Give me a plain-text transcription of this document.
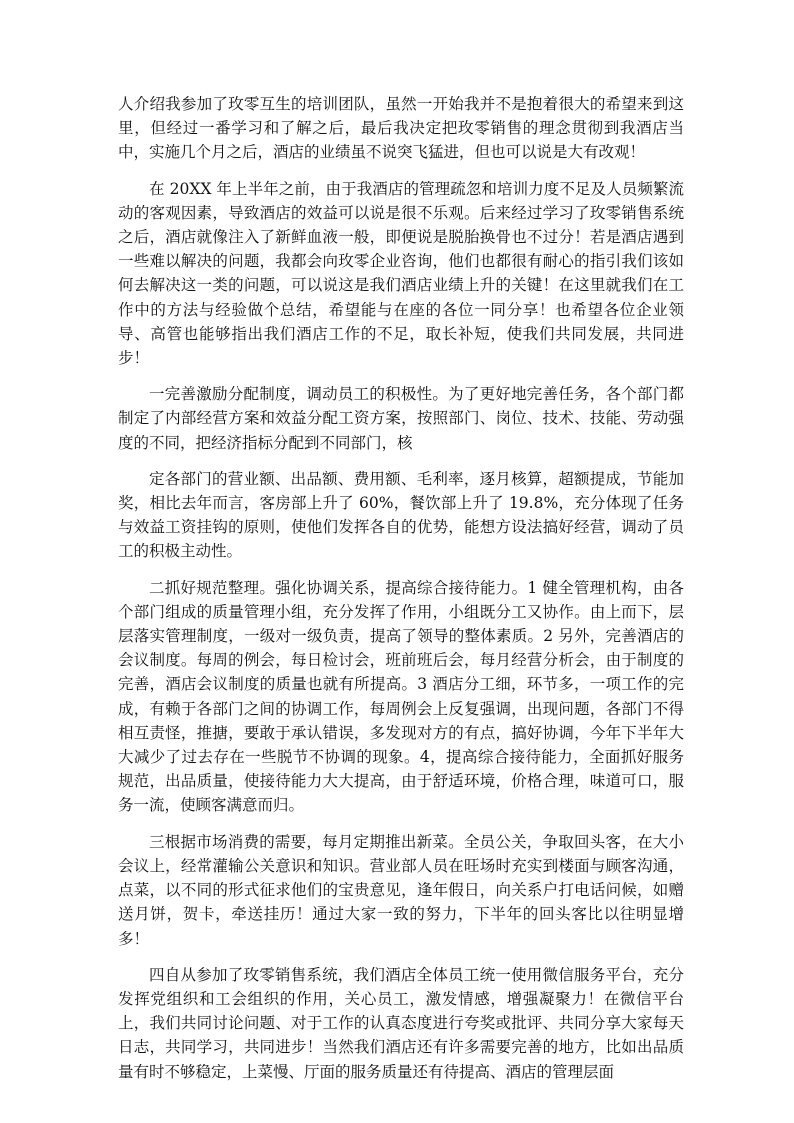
人介绍我参加了玫零互生的培训团队，虽然一开始我并不是抱着很大的希望来到这里，但经过一番学习和了解之后，最后我决定把玫零销售的理念贯彻到我酒店当中，实施几个月之后，酒店的业绩虽不说突飞猛进，但也可以说是大有改观！

在 20XX 年上半年之前，由于我酒店的管理疏忽和培训力度不足及人员频繁流动的客观因素，导致酒店的效益可以说是很不乐观。后来经过学习了玫零销售系统之后，酒店就像注入了新鲜血液一般，即便说是脱胎换骨也不过分！若是酒店遇到一些难以解决的问题，我都会向玫零企业咨询，他们也都很有耐心的指引我们该如何去解决这一类的问题，可以说这是我们酒店业绩上升的关键！在这里就我们在工作中的方法与经验做个总结，希望能与在座的各位一同分享！也希望各位企业领导、高管也能够指出我们酒店工作的不足，取长补短，使我们共同发展，共同进步！

一完善激励分配制度，调动员工的积极性。为了更好地完善任务，各个部门都制定了内部经营方案和效益分配工资方案，按照部门、岗位、技术、技能、劳动强度的不同，把经济指标分配到不同部门，核

定各部门的营业额、出品额、费用额、毛利率，逐月核算，超额提成，节能加奖，相比去年而言，客房部上升了 60%，餐饮部上升了 19.8%，充分体现了任务与效益工资挂钩的原则，使他们发挥各自的优势，能想方设法搞好经营，调动了员工的积极主动性。

二抓好规范整理。强化协调关系，提高综合接待能力。1 健全管理机构，由各个部门组成的质量管理小组，充分发挥了作用，小组既分工又协作。由上而下，层层落实管理制度，一级对一级负责，提高了领导的整体素质。2 另外，完善酒店的会议制度。每周的例会，每日检讨会，班前班后会，每月经营分析会，由于制度的完善，酒店会议制度的质量也就有所提高。3 酒店分工细，环节多，一项工作的完成，有赖于各部门之间的协调工作，每周例会上反复强调，出现问题，各部门不得相互责怪，推搪，要敢于承认错误，多发现对方的有点，搞好协调，今年下半年大大减少了过去存在一些脱节不协调的现象。4，提高综合接待能力，全面抓好服务规范，出品质量，使接待能力大大提高，由于舒适环境，价格合理，味道可口，服务一流，使顾客满意而归。

三根据市场消费的需要，每月定期推出新菜。全员公关，争取回头客，在大小会议上，经常灌输公关意识和知识。营业部人员在旺场时充实到楼面与顾客沟通，点菜，以不同的形式征求他们的宝贵意见，逢年假日，向关系户打电话问候，如赠送月饼，贺卡，牵送挂历！通过大家一致的努力，下半年的回头客比以往明显增多！

四自从参加了玫零销售系统，我们酒店全体员工统一使用微信服务平台，充分发挥党组织和工会组织的作用，关心员工，激发情感，增强凝聚力！在微信平台上，我们共同讨论问题、对于工作的认真态度进行夸奖或批评、共同分享大家每天日志，共同学习，共同进步！当然我们酒店还有许多需要完善的地方，比如出品质量有时不够稳定，上菜慢、厅面的服务质量还有待提高、酒店的管理层面
